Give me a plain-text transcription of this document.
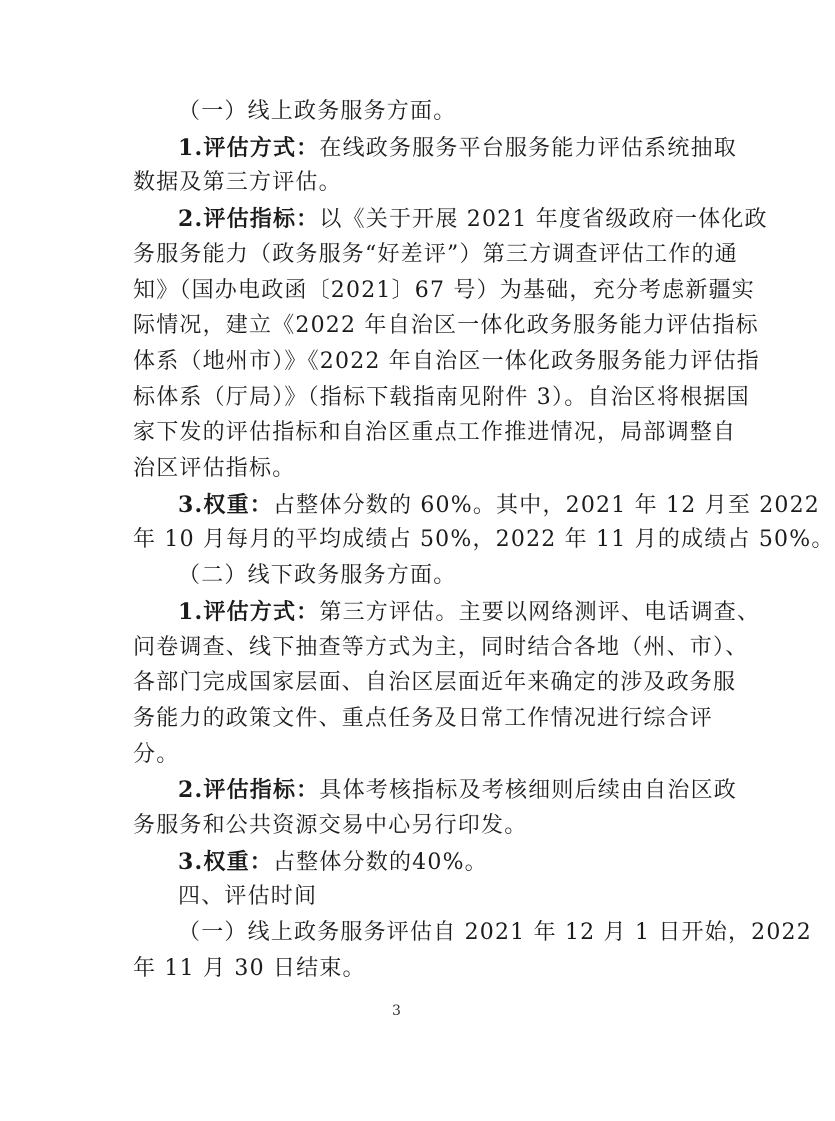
（一）线上政务服务方面。
1.评估方式：在线政务服务平台服务能力评估系统抽取
数据及第三方评估。
2.评估指标：以《关于开展 2021 年度省级政府一体化政
务服务能力（政务服务“好差评”）第三方调查评估工作的通
知》（国办电政函〔2021〕67 号）为基础，充分考虑新疆实
际情况，建立《2022 年自治区一体化政务服务能力评估指标
体系（地州市）》《2022 年自治区一体化政务服务能力评估指
标体系（厅局）》（指标下载指南见附件 3）。自治区将根据国
家下发的评估指标和自治区重点工作推进情况，局部调整自
治区评估指标。
3.权重：占整体分数的 60%。其中，2021 年 12 月至 2022
年 10 月每月的平均成绩占 50%，2022 年 11 月的成绩占 50%。
（二）线下政务服务方面。
1.评估方式：第三方评估。主要以网络测评、电话调查、
问卷调查、线下抽查等方式为主，同时结合各地（州、市）、
各部门完成国家层面、自治区层面近年来确定的涉及政务服
务能力的政策文件、重点任务及日常工作情况进行综合评
分。
2.评估指标：具体考核指标及考核细则后续由自治区政
务服务和公共资源交易中心另行印发。
3.权重：占整体分数的40%。
四、评估时间
（一）线上政务服务评估自 2021 年 12 月 1 日开始，2022
年 11 月 30 日结束。
3
